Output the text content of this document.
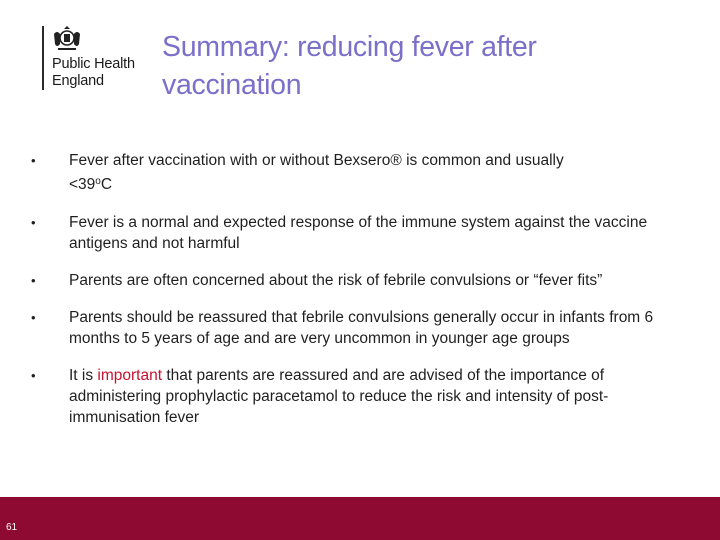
Public Health
England
Summary: reducing fever after
vaccination
• Fever after vaccination with or without Bexsero® is common and usually
$<39^oC$
• Fever is a normal and expected response of the immune system against the vaccine antigens and not harmful
• Parents are often concerned about the risk of febrile convulsions or “fever fits”
• Parents should be reassured that febrile convulsions generally occur in infants from 6 months to 5 years of age and are very uncommon in younger age groups
• It is important that parents are reassured and are advised of the importance of administering prophylactic paracetamol to reduce the risk and intensity of post-immunisation fever
61
